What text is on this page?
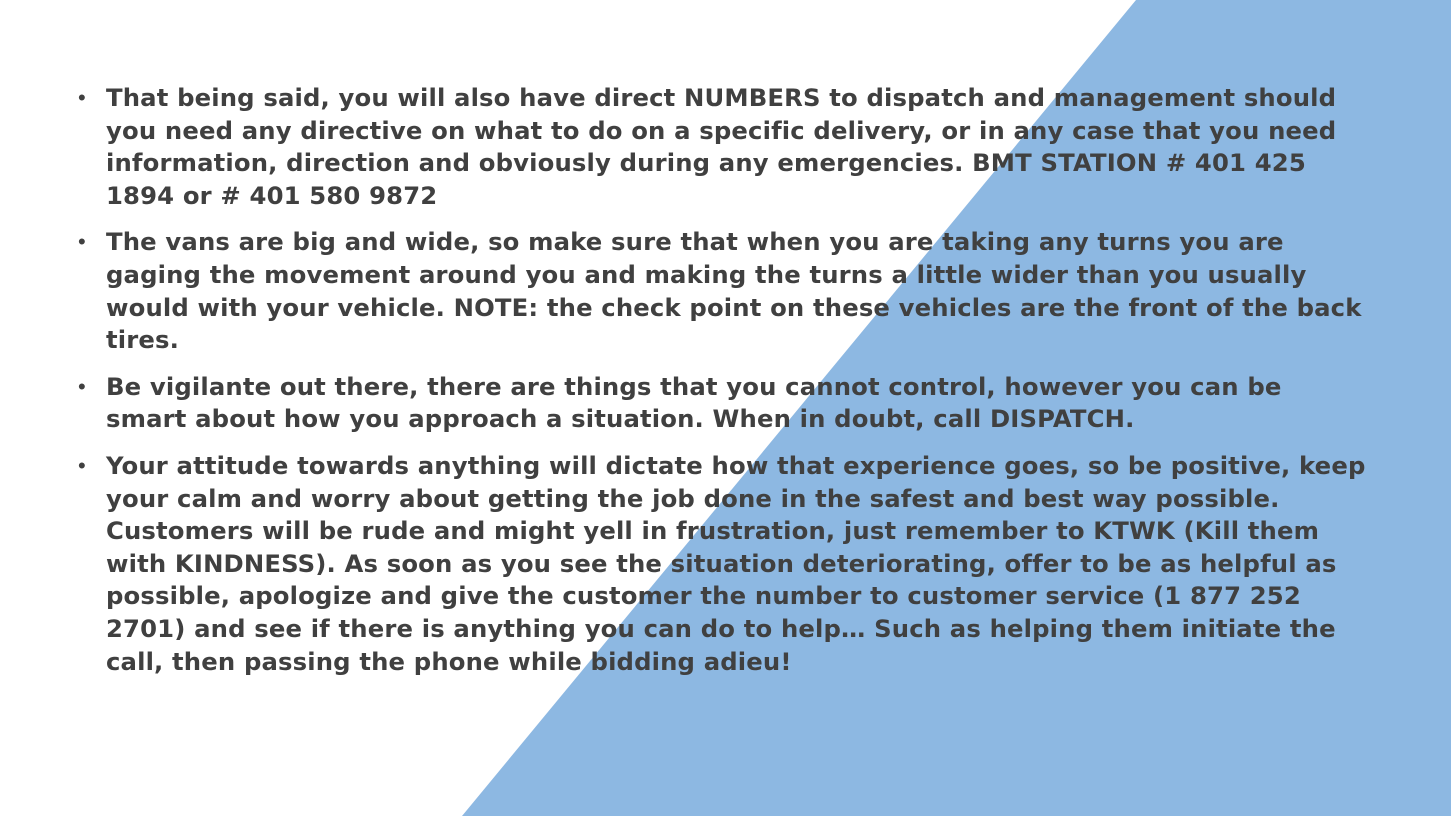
• That being said, you will also have direct NUMBERS to dispatch and management should you need any directive on what to do on a specific delivery, or in any case that you need information, direction and obviously during any emergencies. BMT STATION # 401 425 1894 or # 401 580 9872
• The vans are big and wide, so make sure that when you are taking any turns you are gaging the movement around you and making the turns a little wider than you usually would with your vehicle. NOTE: the check point on these vehicles are the front of the back tires.
• Be vigilante out there, there are things that you cannot control, however you can be smart about how you approach a situation. When in doubt, call DISPATCH.
• Your attitude towards anything will dictate how that experience goes, so be positive, keep your calm and worry about getting the job done in the safest and best way possible. Customers will be rude and might yell in frustration, just remember to KTWK (Kill them with KINDNESS). As soon as you see the situation deteriorating, offer to be as helpful as possible, apologize and give the customer the number to customer service (1 877 252 2701) and see if there is anything you can do to help… Such as helping them initiate the call, then passing the phone while bidding adieu!
